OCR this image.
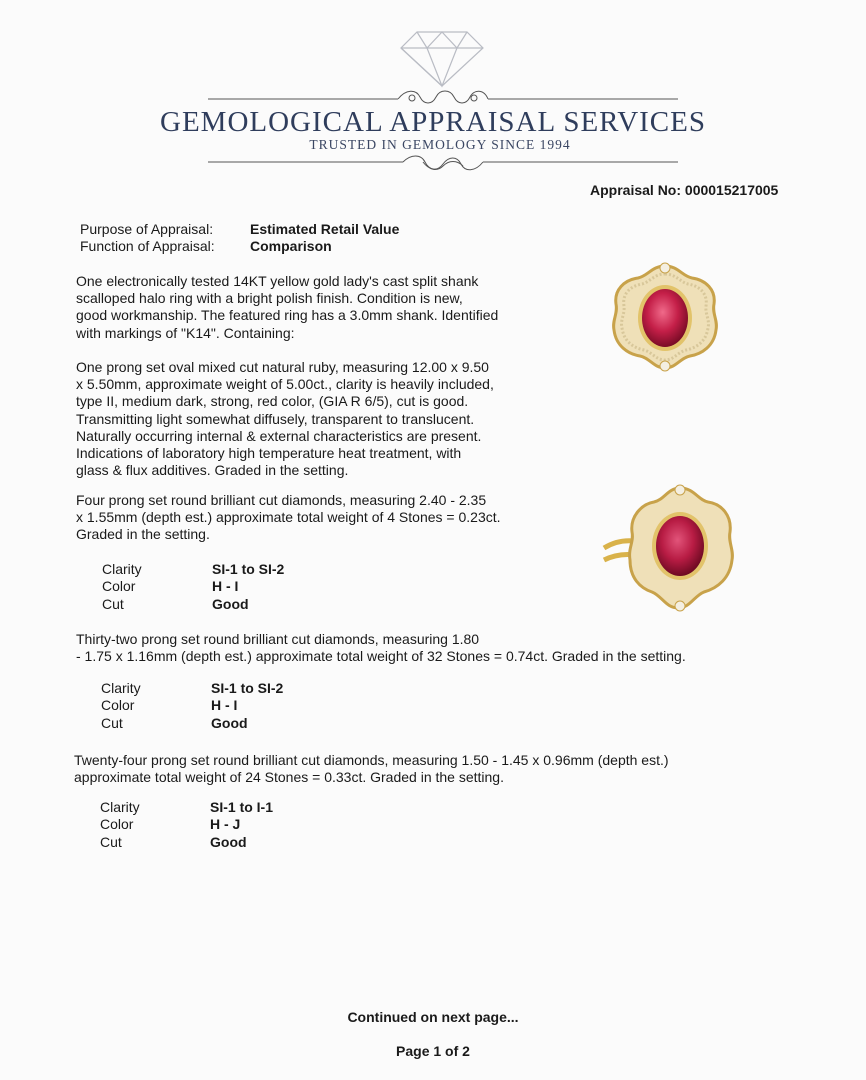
GEMOLOGICAL APPRAISAL SERVICES
TRUSTED IN GEMOLOGY SINCE 1994
Appraisal No: 000015217005
Purpose of Appraisal:	Estimated Retail Value
Function of Appraisal:	Comparison
One electronically tested 14KT yellow gold lady's cast split shank
scalloped halo ring with a bright polish finish. Condition is new,
good workmanship. The featured ring has a 3.0mm shank. Identified
with markings of "K14". Containing:
One prong set oval mixed cut natural ruby, measuring 12.00 x 9.50
x 5.50mm, approximate weight of 5.00ct., clarity is heavily included,
type II, medium dark, strong, red color, (GIA R 6/5), cut is good.
Transmitting light somewhat diffusely, transparent to translucent.
Naturally occurring internal & external characteristics are present.
Indications of laboratory high temperature heat treatment, with
glass & flux additives. Graded in the setting.
Four prong set round brilliant cut diamonds, measuring 2.40 - 2.35
x 1.55mm (depth est.) approximate total weight of 4 Stones = 0.23ct.
Graded in the setting.
Clarity	SI-1 to SI-2
Color	H - I
Cut	Good
Thirty-two prong set round brilliant cut diamonds, measuring 1.80
- 1.75 x 1.16mm (depth est.) approximate total weight of 32 Stones = 0.74ct. Graded in the setting.
Clarity	SI-1 to SI-2
Color	H - I
Cut	Good
Twenty-four prong set round brilliant cut diamonds, measuring 1.50 - 1.45 x 0.96mm (depth est.)
approximate total weight of 24 Stones = 0.33ct. Graded in the setting.
Clarity	SI-1 to I-1
Color	H - J
Cut	Good
Continued on next page...
Page 1 of 2
